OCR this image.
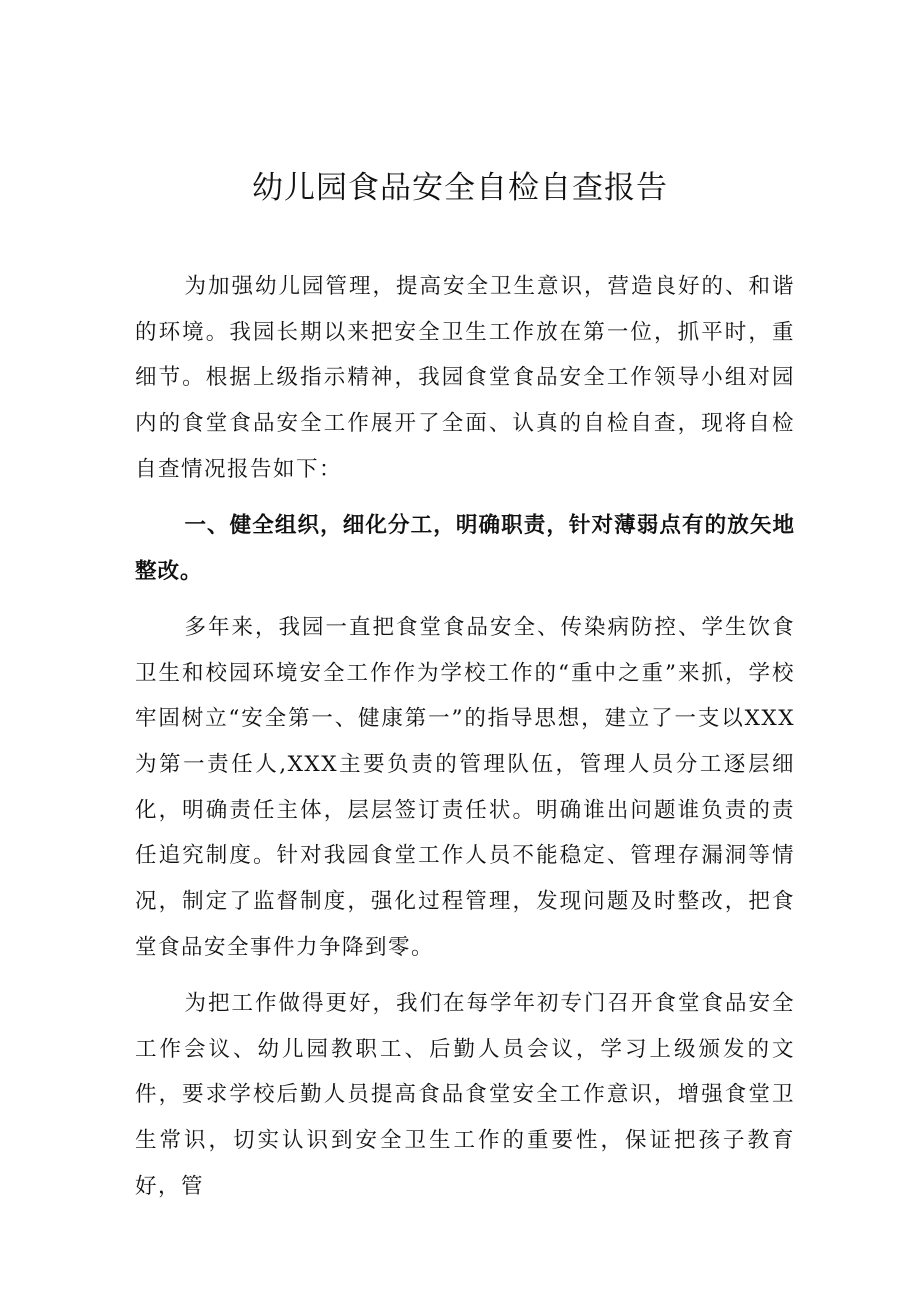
幼儿园食品安全自检自查报告

为加强幼儿园管理，提高安全卫生意识，营造良好的、和谐的环境。我园长期以来把安全卫生工作放在第一位，抓平时，重细节。根据上级指示精神，我园食堂食品安全工作领导小组对园内的食堂食品安全工作展开了全面、认真的自检自查，现将自检自查情况报告如下：

一、健全组织，细化分工，明确职责，针对薄弱点有的放矢地整改。

多年来，我园一直把食堂食品安全、传染病防控、学生饮食卫生和校园环境安全工作作为学校工作的“重中之重”来抓，学校牢固树立“安全第一、健康第一”的指导思想，建立了一支以XXX为第一责任人,XXX主要负责的管理队伍，管理人员分工逐层细化，明确责任主体，层层签订责任状。明确谁出问题谁负责的责任追究制度。针对我园食堂工作人员不能稳定、管理存漏洞等情况，制定了监督制度，强化过程管理，发现问题及时整改，把食堂食品安全事件力争降到零。

为把工作做得更好，我们在每学年初专门召开食堂食品安全工作会议、幼儿园教职工、后勤人员会议，学习上级颁发的文件，要求学校后勤人员提高食品食堂安全工作意识，增强食堂卫生常识，切实认识到安全卫生工作的重要性，保证把孩子教育好，管
